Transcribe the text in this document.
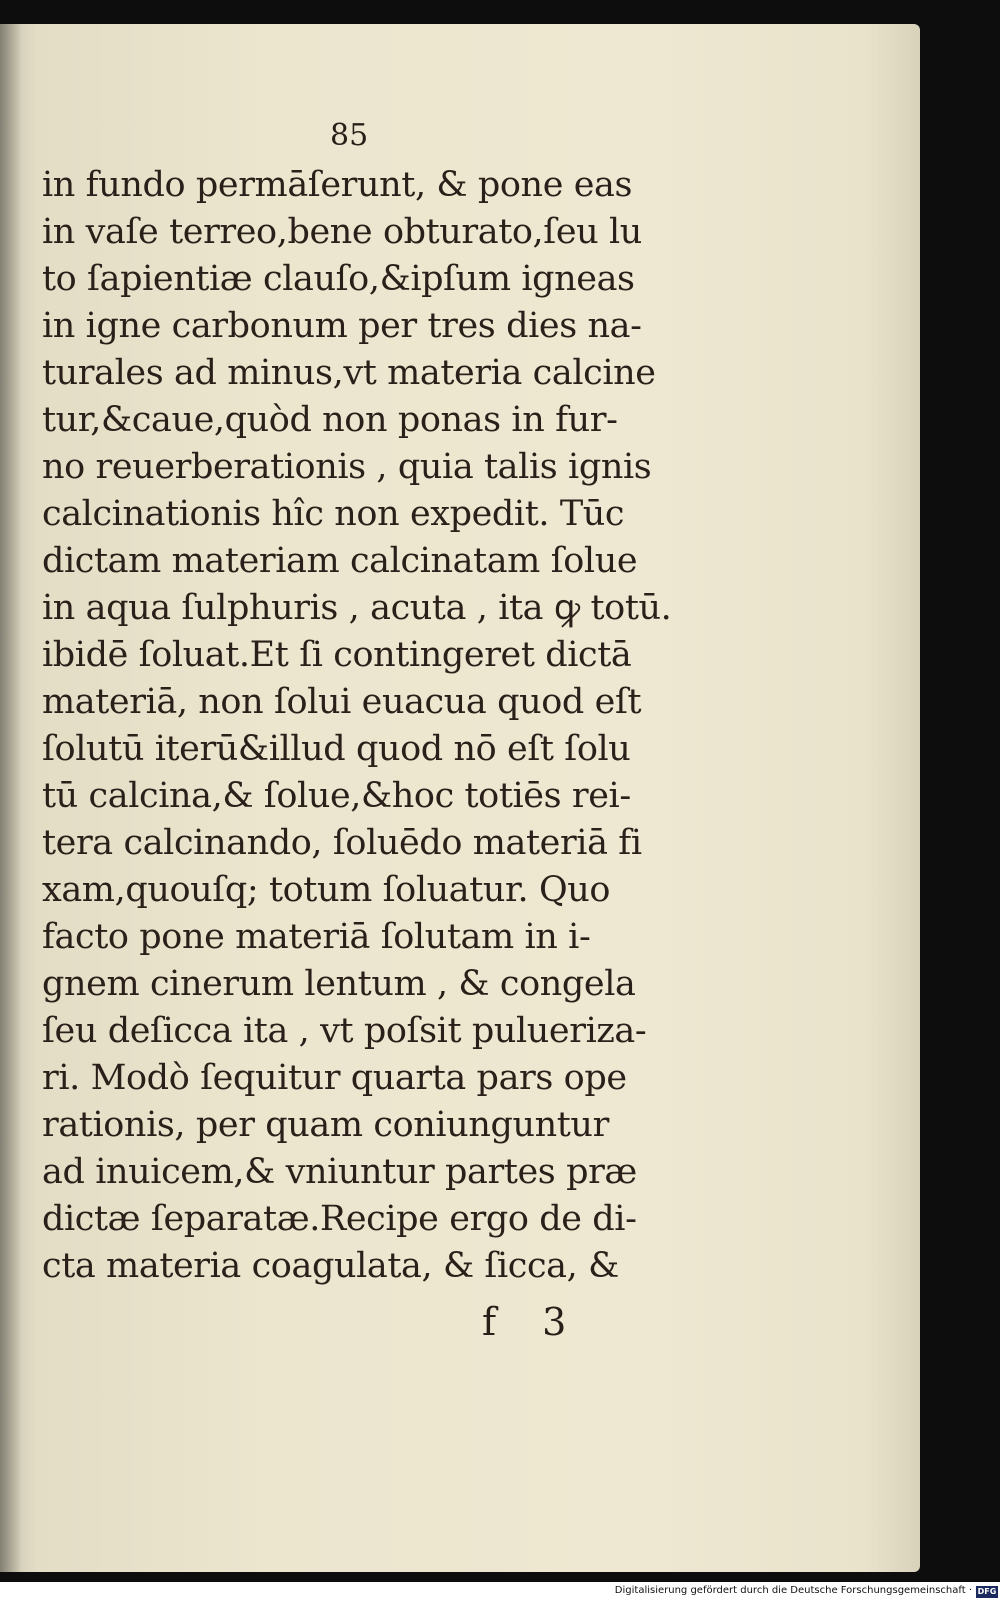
85
in fundo permāſerunt, & pone eas
in vaſe terreo,bene obturato,ſeu lu
to ſapientiæ clauſo,&ipſum igneas
in igne carbonum per tres dies na-
turales ad minus,vt materia calcine
tur,&caue,quòd non ponas in fur-
no reuerberationis , quia talis ignis
calcinationis hîc non expedit. Tūc
dictam materiam calcinatam ſolue
in aqua ſulphuris , acuta , ita ꝙ totū.
ibidē ſoluat.Et ſi contingeret dictā
materiā, non ſolui euacua quod eſt
ſolutū iterū&illud quod nō eſt ſolu
tū calcina,& ſolue,&hoc totiēs rei-
tera calcinando, ſoluēdo materiā fi
xam,quouſq; totum ſoluatur. Quo
facto pone materiā ſolutam in i-
gnem cinerum lentum , & congela
ſeu deſicca ita , vt poſsit pulueriza-
ri. Modò ſequitur quarta pars ope
rationis, per quam coniunguntur
ad inuicem,& vniuntur partes præ
dictæ ſeparatæ.Recipe ergo de di-
cta materia coagulata, & ſicca, &
f 3
Digitalisierung gefördert durch die Deutsche Forschungsgemeinschaft · DFG
